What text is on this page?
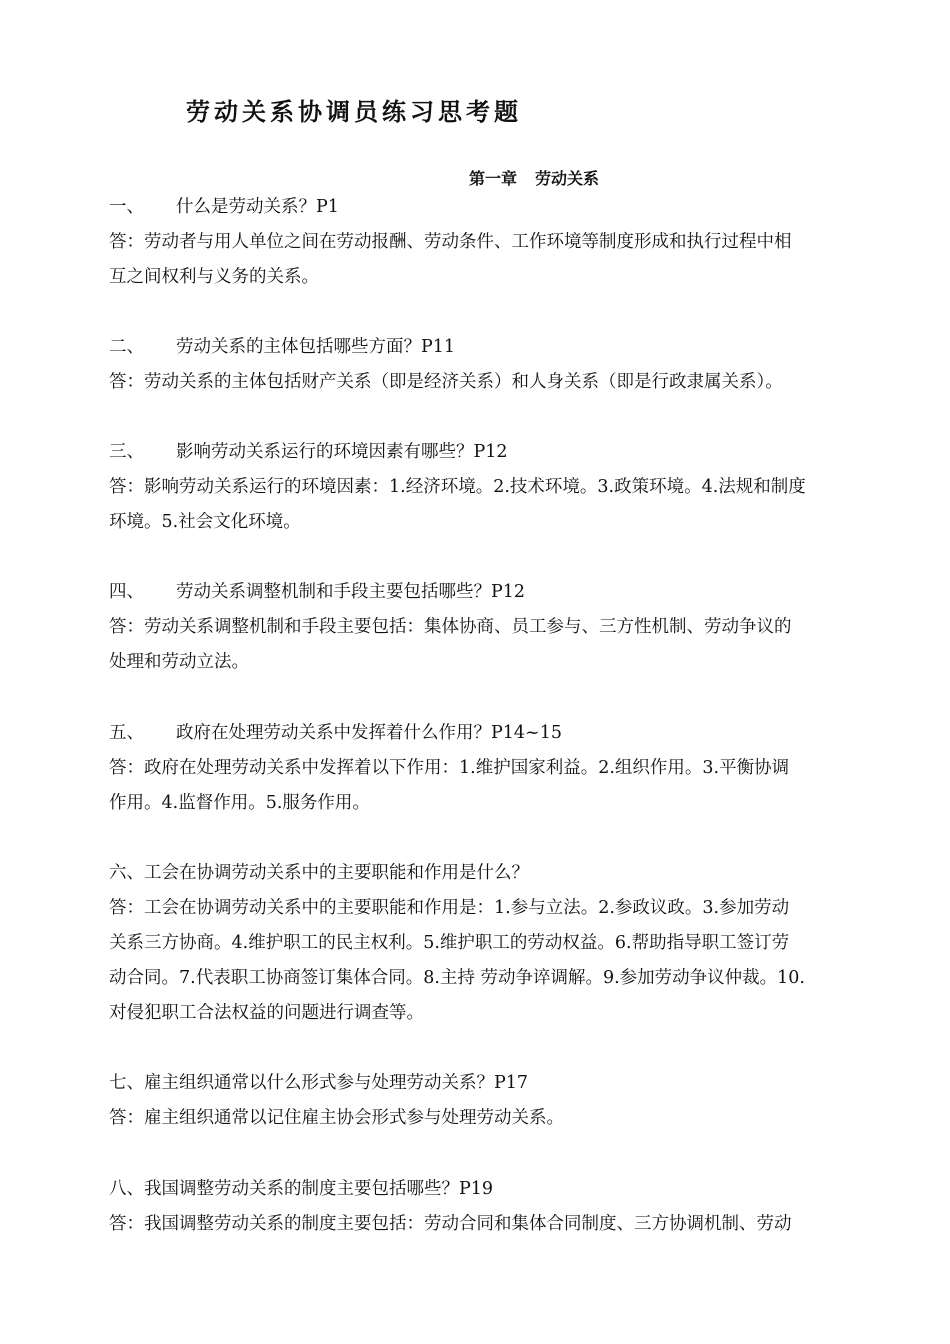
劳动关系协调员练习思考题
第一章 劳动关系
一、 什么是劳动关系？P1
答：劳动者与用人单位之间在劳动报酬、劳动条件、工作环境等制度形成和执行过程中相
互之间权利与义务的关系。
二、 劳动关系的主体包括哪些方面？P11
答：劳动关系的主体包括财产关系（即是经济关系）和人身关系（即是行政隶属关系）。
三、 影响劳动关系运行的环境因素有哪些？P12
答：影响劳动关系运行的环境因素：1.经济环境。2.技术环境。3.政策环境。4.法规和制度
环境。5.社会文化环境。
四、 劳动关系调整机制和手段主要包括哪些？P12
答：劳动关系调整机制和手段主要包括：集体协商、员工参与、三方性机制、劳动争议的
处理和劳动立法。
五、 政府在处理劳动关系中发挥着什么作用？P14~15
答：政府在处理劳动关系中发挥着以下作用：1.维护国家利益。2.组织作用。3.平衡协调
作用。4.监督作用。5.服务作用。
六、工会在协调劳动关系中的主要职能和作用是什么？
答：工会在协调劳动关系中的主要职能和作用是：1.参与立法。2.参政议政。3.参加劳动
关系三方协商。4.维护职工的民主权利。5.维护职工的劳动权益。6.帮助指导职工签订劳
动合同。7.代表职工协商签订集体合同。8.主持 劳动争谇调解。9.参加劳动争议仲裁。10.
对侵犯职工合法权益的问题进行调查等。
七、雇主组织通常以什么形式参与处理劳动关系？P17
答：雇主组织通常以记住雇主协会形式参与处理劳动关系。
八、我国调整劳动关系的制度主要包括哪些？P19
答：我国调整劳动关系的制度主要包括：劳动合同和集体合同制度、三方协调机制、劳动
